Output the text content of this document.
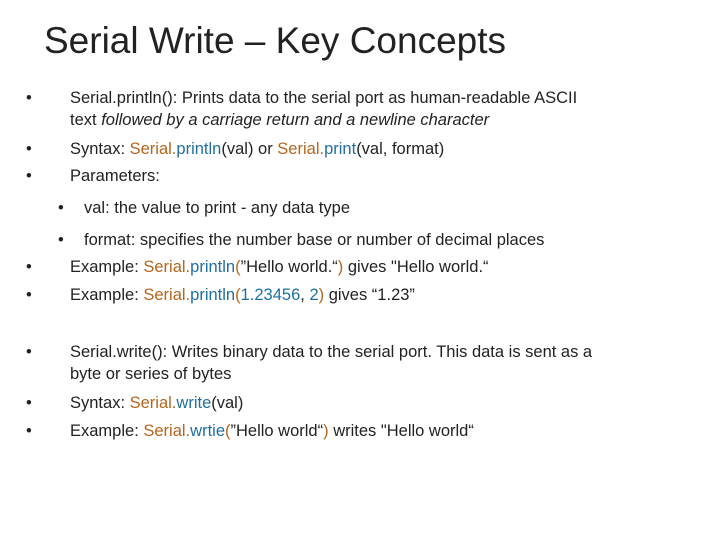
Serial Write – Key Concepts
• Serial.println(): Prints data to the serial port as human-readable ASCII
text followed by a carriage return and a newline character
• Syntax: Serial.println(val) or Serial.print(val, format)
• Parameters:
• val: the value to print - any data type
• format: specifies the number base or number of decimal places
• Example: Serial.println(”Hello world.“) gives "Hello world.“
• Example: Serial.println(1.23456, 2) gives “1.23”
• Serial.write(): Writes binary data to the serial port. This data is sent as a
byte or series of bytes
• Syntax: Serial.write(val)
• Example: Serial.wrtie(”Hello world“) writes "Hello world“
